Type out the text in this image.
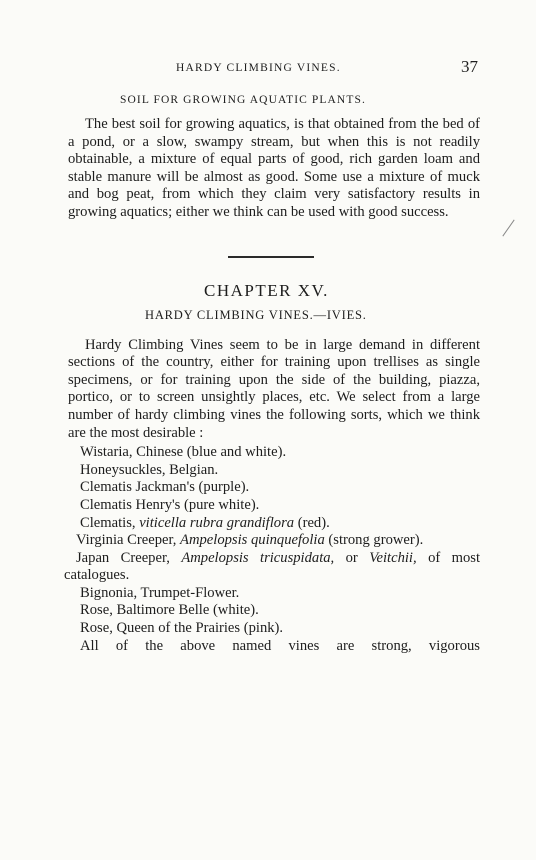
HARDY CLIMBING VINES.	37
SOIL FOR GROWING AQUATIC PLANTS.

The best soil for growing aquatics, is that obtained from the bed of a pond, or a slow, swampy stream, but when this is not readily obtainable, a mixture of equal parts of good, rich garden loam and stable manure will be almost as good. Some use a mixture of muck and bog peat, from which they claim very satisfactory results in growing aquatics; either we think can be used with good success.

CHAPTER XV.
HARDY CLIMBING VINES.—IVIES.

Hardy Climbing Vines seem to be in large demand in different sections of the country, either for training upon trellises as single specimens, or for training upon the side of the building, piazza, portico, or to screen unsightly places, etc. We select from a large number of hardy climbing vines the following sorts, which we think are the most desirable :

Wistaria, Chinese (blue and white).
Honeysuckles, Belgian.
Clematis Jackman's (purple).
Clematis Henry's (pure white).
Clematis, viticella rubra grandiflora (red).
Virginia Creeper, Ampelopsis quinquefolia (strong grower).
Japan Creeper, Ampelopsis tricuspidata, or Veitchii, of most catalogues.
Bignonia, Trumpet-Flower.
Rose, Baltimore Belle (white).
Rose, Queen of the Prairies (pink).
All of the above named vines are strong, vigorous
